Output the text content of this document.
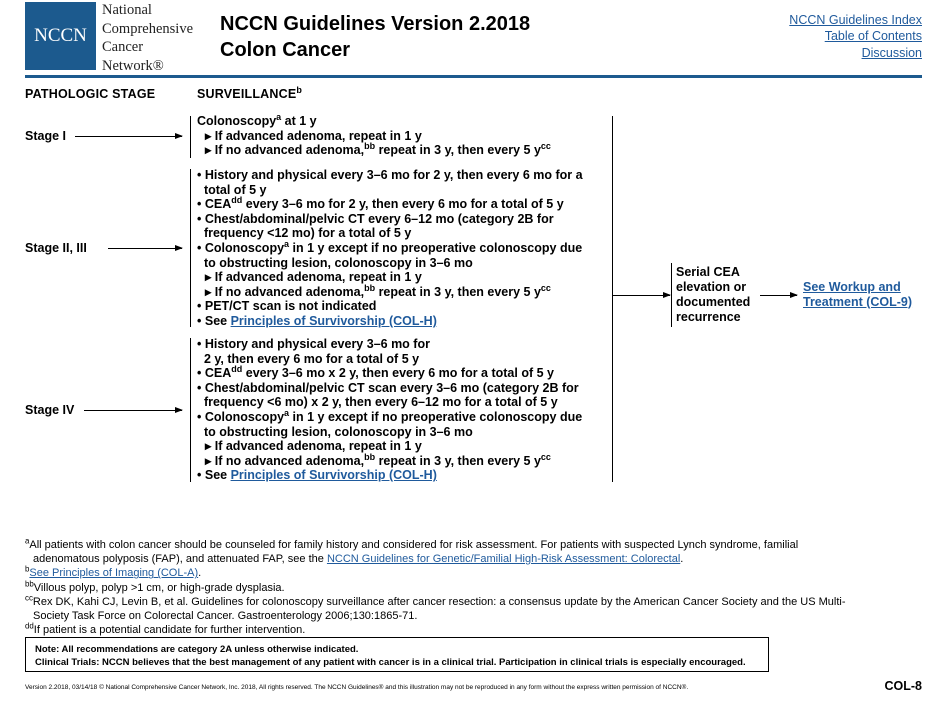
NCCN
National
Comprehensive
Cancer
Network®
NCCN Guidelines Version 2.2018
Colon Cancer
NCCN Guidelines Index
Table of Contents
Discussion
PATHOLOGIC STAGE	SURVEILLANCE$^b$
Stage I
Stage II, III
Stage IV
Colonoscopy$^a$ at 1 y
▸ If advanced adenoma, repeat in 1 y
▸ If no advanced adenoma,$^{bb}$ repeat in 3 y, then every 5 $y^{cc}$
• History and physical every 3–6 mo for 2 y, then every 6 mo for a
total of 5 y
• $CEA^{dd}$ every 3–6 mo for 2 y, then every 6 mo for a total of 5 y
• Chest/abdominal/pelvic CT every 6–12 mo (category 2B for
frequency <12 mo) for a total of 5 y
• Colonoscopy$^a$ in 1 y except if no preoperative colonoscopy due
to obstructing lesion, colonoscopy in 3–6 mo
▸ If advanced adenoma, repeat in 1 y
▸ If no advanced adenoma,$^{bb}$ repeat in 3 y, then every 5 $y^{cc}$
• PET/CT scan is not indicated
• See Principles of Survivorship (COL-H)
• History and physical every 3–6 mo for
2 y, then every 6 mo for a total of 5 y
• $CEA^{dd}$ every 3–6 mo x 2 y, then every 6 mo for a total of 5 y
• Chest/abdominal/pelvic CT scan every 3–6 mo (category 2B for
frequency <6 mo) x 2 y, then every 6–12 mo for a total of 5 y
• Colonoscopy$^a$ in 1 y except if no preoperative colonoscopy due
to obstructing lesion, colonoscopy in 3–6 mo
▸ If advanced adenoma, repeat in 1 y
▸ If no advanced adenoma,$^{bb}$ repeat in 3 y, then every 5 $y^{cc}$
• See Principles of Survivorship (COL-H)
Serial CEA
elevation or
documented
recurrence
See Workup and
Treatment (COL-9)
$^a$All patients with colon cancer should be counseled for family history and considered for risk assessment. For patients with suspected Lynch syndrome, familial
adenomatous polyposis (FAP), and attenuated FAP, see the NCCN Guidelines for Genetic/Familial High-Risk Assessment: Colorectal.
$^b$See Principles of Imaging (COL-A).
$^{bb}$Villous polyp, polyp >1 cm, or high-grade dysplasia.
$^{cc}$Rex DK, Kahi CJ, Levin B, et al. Guidelines for colonoscopy surveillance after cancer resection: a consensus update by the American Cancer Society and the US Multi-
Society Task Force on Colorectal Cancer. Gastroenterology 2006;130:1865-71.
$^{dd}$If patient is a potential candidate for further intervention.
Note: All recommendations are category 2A unless otherwise indicated.
Clinical Trials: NCCN believes that the best management of any patient with cancer is in a clinical trial. Participation in clinical trials is especially encouraged.
Version 2.2018, 03/14/18 © National Comprehensive Cancer Network, Inc. 2018, All rights reserved. The NCCN Guidelines® and this illustration may not be reproduced in any form without the express written permission of NCCN®.	COL-8
